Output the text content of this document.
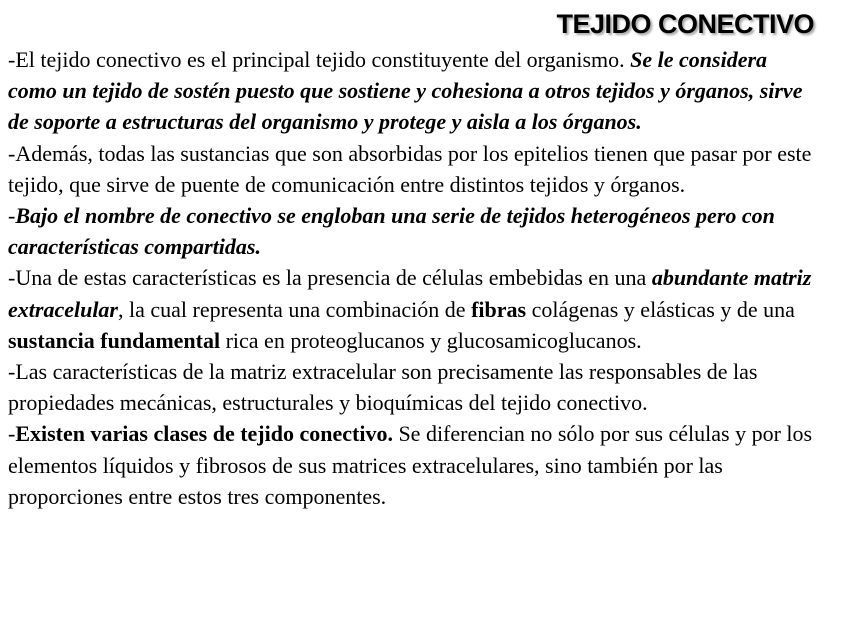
TEJIDO CONECTIVO

-El tejido conectivo es el principal tejido constituyente del organismo. Se le considera como un tejido de sostén puesto que sostiene y cohesiona a otros tejidos y órganos, sirve de soporte a estructuras del organismo y protege y aisla a los órganos.

-Además, todas las sustancias que son absorbidas por los epitelios tienen que pasar por este tejido, que sirve de puente de comunicación entre distintos tejidos y órganos.

-Bajo el nombre de conectivo se engloban una serie de tejidos heterogéneos pero con características compartidas.

-Una de estas características es la presencia de células embebidas en una abundante matriz extracelular, la cual representa una combinación de fibras colágenas y elásticas y de una sustancia fundamental rica en proteoglucanos y glucosamicoglucanos.

-Las características de la matriz extracelular son precisamente las responsables de las propiedades mecánicas, estructurales y bioquímicas del tejido conectivo.

-Existen varias clases de tejido conectivo. Se diferencian no sólo por sus células y por los elementos líquidos y fibrosos de sus matrices extracelulares, sino también por las proporciones entre estos tres componentes.
